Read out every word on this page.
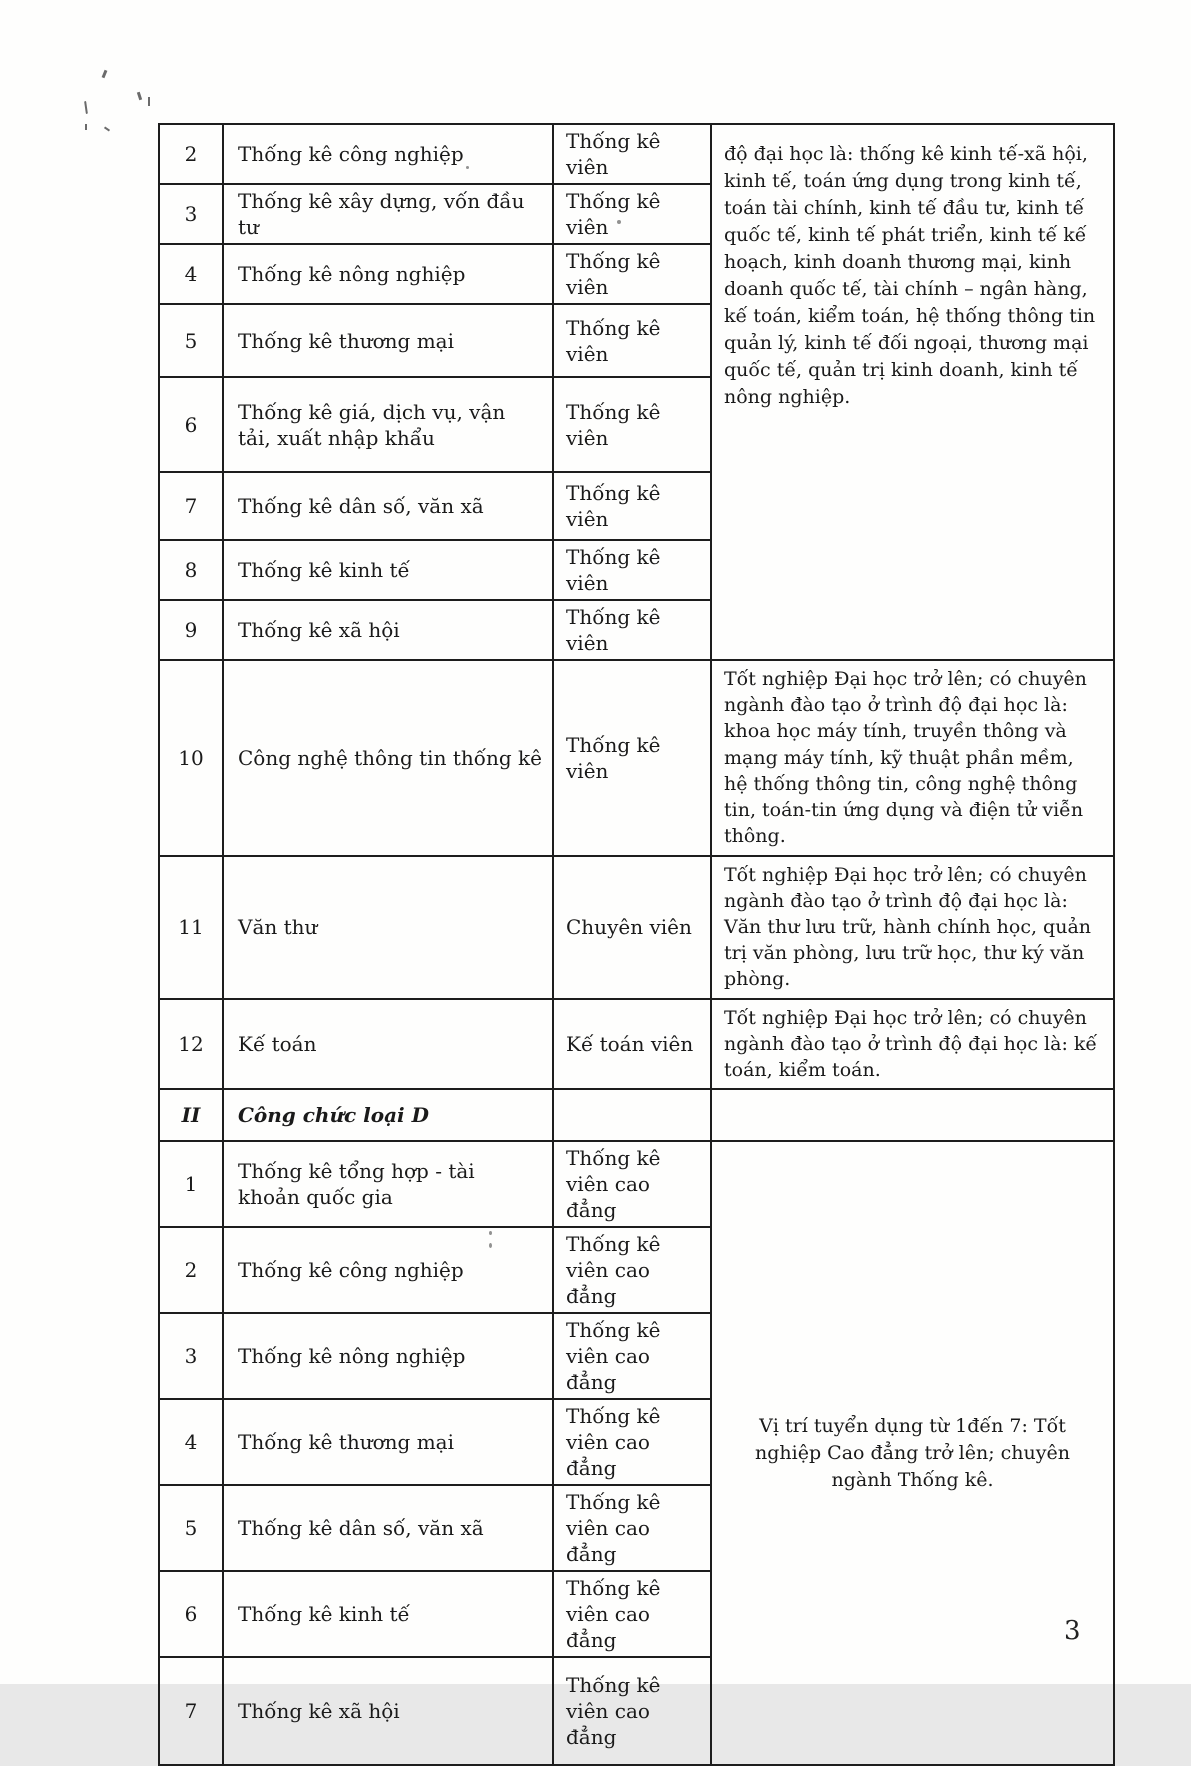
2	Thống kê công nghiệp	Thống kê viên	độ đại học là: thống kê kinh tế-xã hội, kinh tế, toán ứng dụng trong kinh tế, toán tài chính, kinh tế đầu tư, kinh tế quốc tế, kinh tế phát triển, kinh tế kế hoạch, kinh doanh thương mại, kinh doanh quốc tế, tài chính – ngân hàng, kế toán, kiểm toán, hệ thống thông tin quản lý, kinh tế đối ngoại, thương mại quốc tế, quản trị kinh doanh, kinh tế nông nghiệp.
3	Thống kê xây dựng, vốn đầu tư	Thống kê viên	
4	Thống kê nông nghiệp	Thống kê viên	
5	Thống kê thương mại	Thống kê viên	
6	Thống kê giá, dịch vụ, vận tải, xuất nhập khẩu	Thống kê viên	
7	Thống kê dân số, văn xã	Thống kê viên	
8	Thống kê kinh tế	Thống kê viên	
9	Thống kê xã hội	Thống kê viên	
10	Công nghệ thông tin thống kê	Thống kê viên	Tốt nghiệp Đại học trở lên; có chuyên ngành đào tạo ở trình độ đại học là: khoa học máy tính, truyền thông và mạng máy tính, kỹ thuật phần mềm, hệ thống thông tin, công nghệ thông tin, toán-tin ứng dụng và điện tử viễn thông.
11	Văn thư	Chuyên viên	Tốt nghiệp Đại học trở lên; có chuyên ngành đào tạo ở trình độ đại học là: Văn thư lưu trữ, hành chính học, quản trị văn phòng, lưu trữ học, thư ký văn phòng.
12	Kế toán	Kế toán viên	Tốt nghiệp Đại học trở lên; có chuyên ngành đào tạo ở trình độ đại học là: kế toán, kiểm toán.
II	Công chức loại D		
1	Thống kê tổng hợp - tài khoản quốc gia	Thống kê viên cao đẳng	Vị trí tuyển dụng từ 1đến 7: Tốt nghiệp Cao đẳng trở lên; chuyên ngành Thống kê.
2	Thống kê công nghiệp	Thống kê viên cao đẳng	
3	Thống kê nông nghiệp	Thống kê viên cao đẳng	
4	Thống kê thương mại	Thống kê viên cao đẳng	
5	Thống kê dân số, văn xã	Thống kê viên cao đẳng	
6	Thống kê kinh tế	Thống kê viên cao đẳng	
7	Thống kê xã hội	Thống kê viên cao đẳng	
3
